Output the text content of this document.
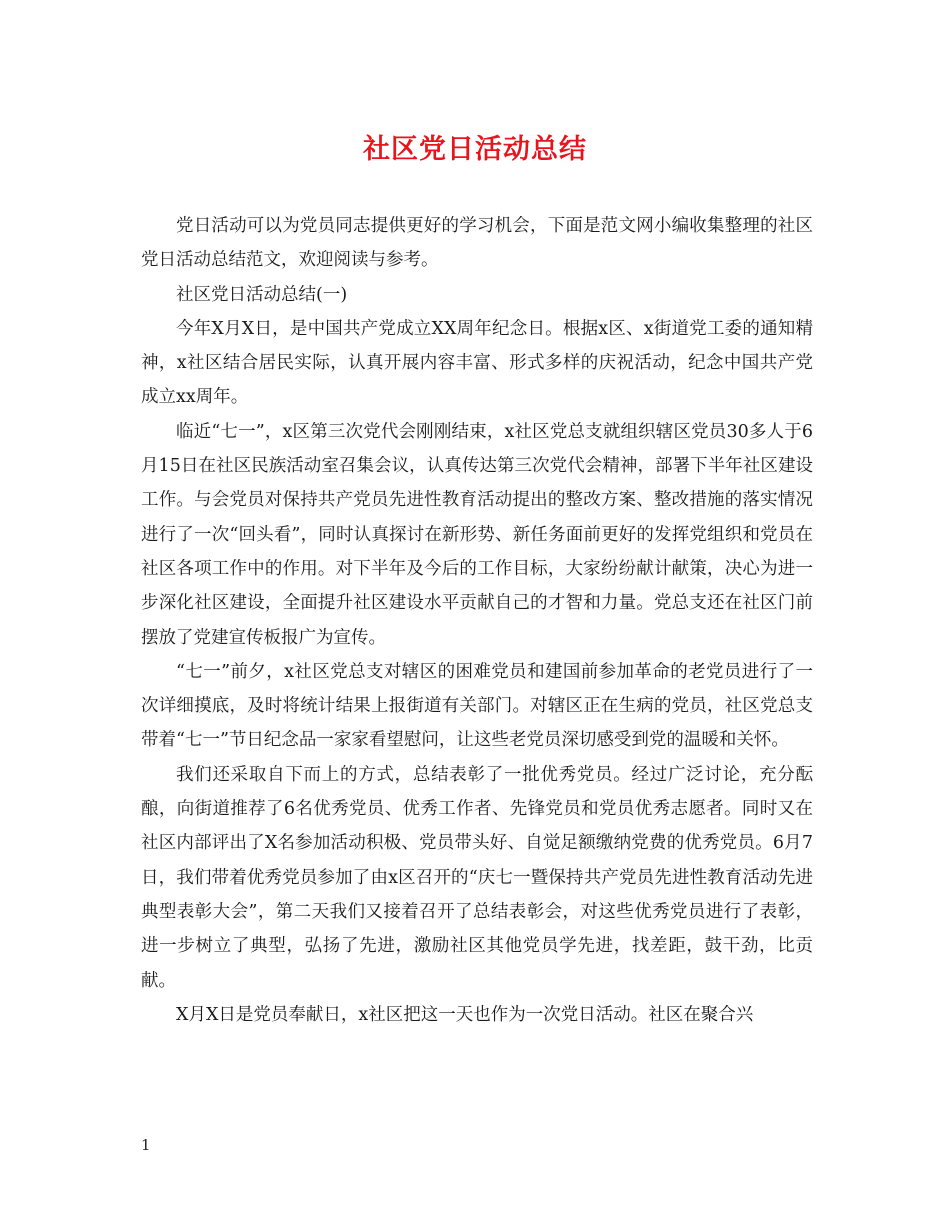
社区党日活动总结

党日活动可以为党员同志提供更好的学习机会，下面是范文网小编收集整理的社区党日活动总结范文，欢迎阅读与参考。

社区党日活动总结(一)

今年X月X日，是中国共产党成立XX周年纪念日。根据x区、x街道党工委的通知精神，x社区结合居民实际，认真开展内容丰富、形式多样的庆祝活动，纪念中国共产党成立xx周年。

临近“七一”，x区第三次党代会刚刚结束，x社区党总支就组织辖区党员30多人于6月15日在社区民族活动室召集会议，认真传达第三次党代会精神，部署下半年社区建设工作。与会党员对保持共产党员先进性教育活动提出的整改方案、整改措施的落实情况进行了一次“回头看”，同时认真探讨在新形势、新任务面前更好的发挥党组织和党员在社区各项工作中的作用。对下半年及今后的工作目标，大家纷纷献计献策，决心为进一步深化社区建设，全面提升社区建设水平贡献自己的才智和力量。党总支还在社区门前摆放了党建宣传板报广为宣传。

“七一”前夕，x社区党总支对辖区的困难党员和建国前参加革命的老党员进行了一次详细摸底，及时将统计结果上报街道有关部门。对辖区正在生病的党员，社区党总支带着“七一”节日纪念品一家家看望慰问，让这些老党员深切感受到党的温暖和关怀。

我们还采取自下而上的方式，总结表彰了一批优秀党员。经过广泛讨论，充分酝酿，向街道推荐了6名优秀党员、优秀工作者、先锋党员和党员优秀志愿者。同时又在社区内部评出了X名参加活动积极、党员带头好、自觉足额缴纳党费的优秀党员。6月7日，我们带着优秀党员参加了由x区召开的“庆七一暨保持共产党员先进性教育活动先进典型表彰大会”，第二天我们又接着召开了总结表彰会，对这些优秀党员进行了表彰，进一步树立了典型，弘扬了先进，激励社区其他党员学先进，找差距，鼓干劲，比贡献。

X月X日是党员奉献日，x社区把这一天也作为一次党日活动。社区在聚合兴

1
